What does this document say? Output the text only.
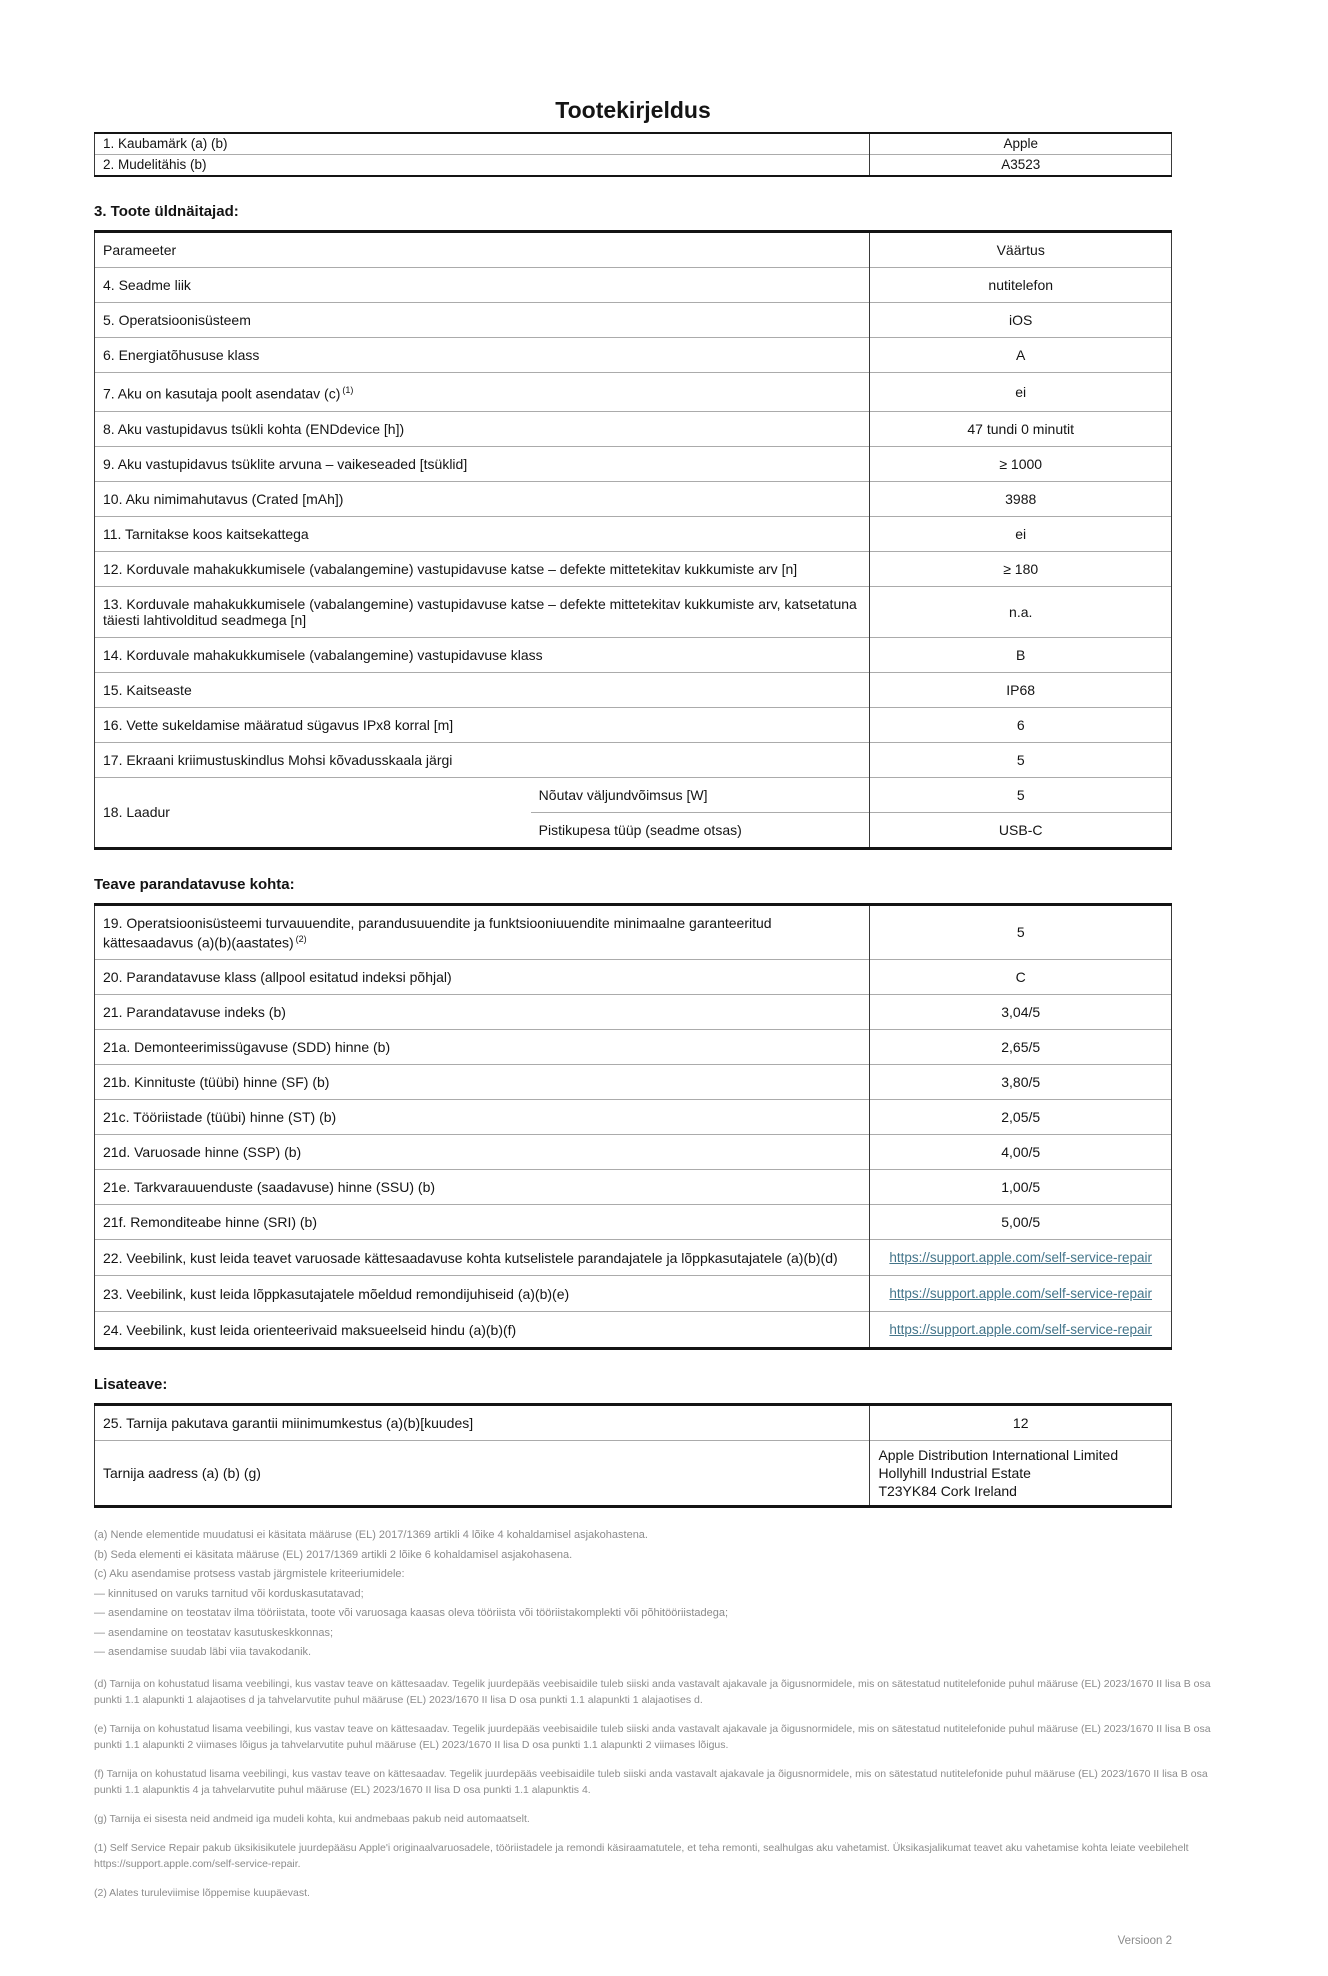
Tootekirjeldus
1. Kaubamärk (a) (b)	Apple
2. Mudelitähis (b)	A3523
3. Toote üldnäitajad:
Parameeter		Väärtus
4. Seadme liik		nutitelefon
5. Operatsioonisüsteem		iOS
6. Energiatõhususe klass		A
7. Aku on kasutaja poolt asendatav (c) $^{(1)}$		ei
8. Aku vastupidavus tsükli kohta (ENDdevice [h])		47 tundi 0 minutit
9. Aku vastupidavus tsüklite arvuna – vaikeseaded [tsüklid]		≥ 1000
10. Aku nimimahutavus (Crated [mAh])		3988
11. Tarnitakse koos kaitsekattega		ei
12. Korduvale mahakukkumisele (vabalangemine) vastupidavuse katse – defekte mittetekitav kukkumiste arv [n]		≥ 180
13. Korduvale mahakukkumisele (vabalangemine) vastupidavuse katse – defekte mittetekitav kukkumiste arv, katsetatuna täiesti lahtivolditud seadmega [n]		n.a.
14. Korduvale mahakukkumisele (vabalangemine) vastupidavuse klass		B
15. Kaitseaste		IP68
16. Vette sukeldamise määratud sügavus IPx8 korral [m]		6
17. Ekraani kriimustuskindlus Mohsi kõvadusskaala järgi		5
18. Laadur	Nõutav väljundvõimsus [W]	5
	Pistikupesa tüüp (seadme otsas)	USB-C
Teave parandatavuse kohta:
19. Operatsioonisüsteemi turvauuendite, parandusuuendite ja funktsiooniuuendite minimaalne garanteeritud kättesaadavus (a)(b)(aastates) $^{(2)}$	5
20. Parandatavuse klass (allpool esitatud indeksi põhjal)	C
21. Parandatavuse indeks (b)	3,04/5
21a. Demonteerimissügavuse (SDD) hinne (b)	2,65/5
21b. Kinnituste (tüübi) hinne (SF) (b)	3,80/5
21c. Tööriistade (tüübi) hinne (ST) (b)	2,05/5
21d. Varuosade hinne (SSP) (b)	4,00/5
21e. Tarkvarauuenduste (saadavuse) hinne (SSU) (b)	1,00/5
21f. Remonditeabe hinne (SRI) (b)	5,00/5
22. Veebilink, kust leida teavet varuosade kättesaadavuse kohta kutselistele parandajatele ja lõppkasutajatele (a)(b)(d)	https://support.apple.com/self-service-repair
23. Veebilink, kust leida lõppkasutajatele mõeldud remondijuhiseid (a)(b)(e)	https://support.apple.com/self-service-repair
24. Veebilink, kust leida orienteerivaid maksueelseid hindu (a)(b)(f)	https://support.apple.com/self-service-repair
Lisateave:
25. Tarnija pakutava garantii miinimumkestus (a)(b)[kuudes]	12
Tarnija aadress (a) (b) (g)	Apple Distribution International Limited
Hollyhill Industrial Estate
T23YK84 Cork Ireland
(a) Nende elementide muudatusi ei käsitata määruse (EL) 2017/1369 artikli 4 lõike 4 kohaldamisel asjakohastena.
(b) Seda elementi ei käsitata määruse (EL) 2017/1369 artikli 2 lõike 6 kohaldamisel asjakohasena.
(c) Aku asendamise protsess vastab järgmistele kriteeriumidele:
— kinnitused on varuks tarnitud või korduskasutatavad;
— asendamine on teostatav ilma tööriistata, toote või varuosaga kaasas oleva tööriista või tööriistakomplekti või põhitööriistadega;
— asendamine on teostatav kasutuskeskkonnas;
— asendamise suudab läbi viia tavakodanik.
(d) Tarnija on kohustatud lisama veebilingi, kus vastav teave on kättesaadav. Tegelik juurdepääs veebisaidile tuleb siiski anda vastavalt ajakavale ja õigusnormidele, mis on sätestatud nutitelefonide puhul määruse (EL) 2023/1670 II lisa B osa punkti 1.1 alapunkti 1 alajaotises d ja tahvelarvutite puhul määruse (EL) 2023/1670 II lisa D osa punkti 1.1 alapunkti 1 alajaotises d.
(e) Tarnija on kohustatud lisama veebilingi, kus vastav teave on kättesaadav. Tegelik juurdepääs veebisaidile tuleb siiski anda vastavalt ajakavale ja õigusnormidele, mis on sätestatud nutitelefonide puhul määruse (EL) 2023/1670 II lisa B osa punkti 1.1 alapunkti 2 viimases lõigus ja tahvelarvutite puhul määruse (EL) 2023/1670 II lisa D osa punkti 1.1 alapunkti 2 viimases lõigus.
(f) Tarnija on kohustatud lisama veebilingi, kus vastav teave on kättesaadav. Tegelik juurdepääs veebisaidile tuleb siiski anda vastavalt ajakavale ja õigusnormidele, mis on sätestatud nutitelefonide puhul määruse (EL) 2023/1670 II lisa B osa punkti 1.1 alapunktis 4 ja tahvelarvutite puhul määruse (EL) 2023/1670 II lisa D osa punkti 1.1 alapunktis 4.
(g) Tarnija ei sisesta neid andmeid iga mudeli kohta, kui andmebaas pakub neid automaatselt.
(1) Self Service Repair pakub üksikisikutele juurdepääsu Apple'i originaalvaruosadele, tööriistadele ja remondi käsiraamatutele, et teha remonti, sealhulgas aku vahetamist. Üksikasjalikumat teavet aku vahetamise kohta leiate veebilehelt https://support.apple.com/self-service-repair.
(2) Alates turuleviimise lõppemise kuupäevast.
Versioon 2
